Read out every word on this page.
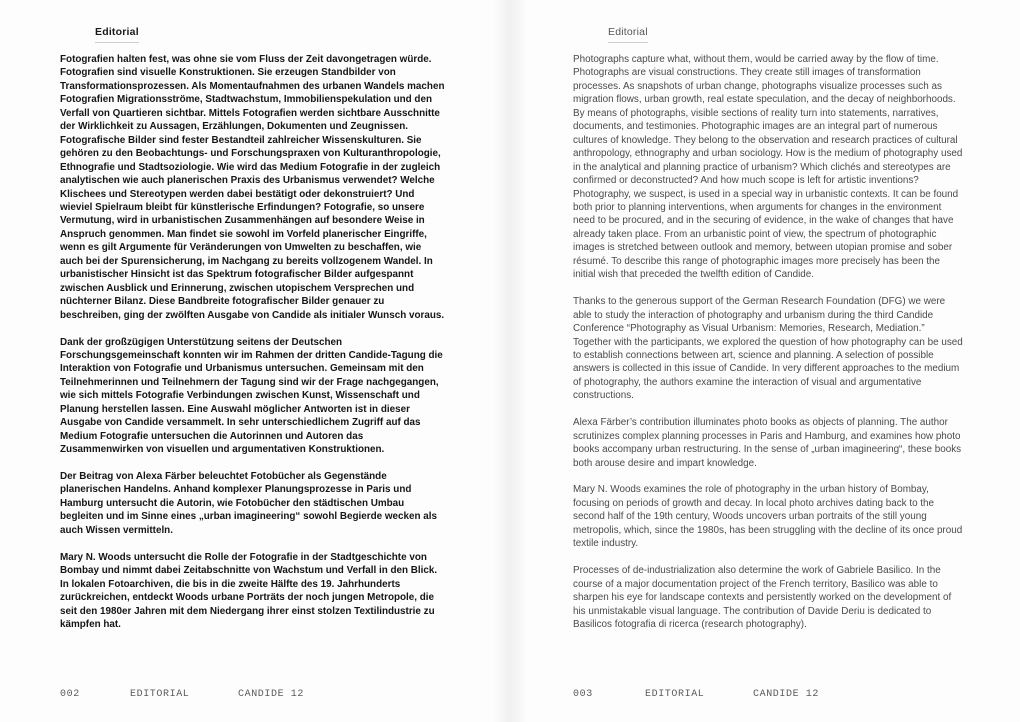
Editorial

Fotografien halten fest, was ohne sie vom Fluss der Zeit davongetragen würde. Fotografien sind visuelle Konstruktionen. Sie erzeugen Standbilder von Transformationsprozessen. Als Momentaufnahmen des urbanen Wandels machen Fotografien Migrationsströme, Stadtwachstum, Immobilienspekulation und den Verfall von Quartieren sichtbar. Mittels Fotografien werden sichtbare Ausschnitte der Wirklichkeit zu Aussagen, Erzählungen, Dokumenten und Zeugnissen. Fotografische Bilder sind fester Bestandteil zahlreicher Wissenskulturen. Sie gehören zu den Beobachtungs- und Forschungspraxen von Kulturanthropologie, Ethnografie und Stadtsoziologie. Wie wird das Medium Fotografie in der zugleich analytischen wie auch planerischen Praxis des Urbanismus verwendet? Welche Klischees und Stereotypen werden dabei bestätigt oder dekonstruiert? Und wieviel Spielraum bleibt für künstlerische Erfindungen? Fotografie, so unsere Vermutung, wird in urbanistischen Zusammenhängen auf besondere Weise in Anspruch genommen. Man findet sie sowohl im Vorfeld planerischer Eingriffe, wenn es gilt Argumente für Veränderungen von Umwelten zu beschaffen, wie auch bei der Spurensicherung, im Nachgang zu bereits vollzogenem Wandel. In urbanistischer Hinsicht ist das Spektrum fotografischer Bilder aufgespannt zwischen Ausblick und Erinnerung, zwischen utopischem Versprechen und nüchterner Bilanz. Diese Bandbreite fotografischer Bilder genauer zu beschreiben, ging der zwölften Ausgabe von Candide als initialer Wunsch voraus.

Dank der großzügigen Unterstützung seitens der Deutschen Forschungsgemeinschaft konnten wir im Rahmen der dritten Candide-Tagung die Interaktion von Fotografie und Urbanismus untersuchen. Gemeinsam mit den Teilnehmerinnen und Teilnehmern der Tagung sind wir der Frage nachgegangen, wie sich mittels Fotografie Verbindungen zwischen Kunst, Wissenschaft und Planung herstellen lassen. Eine Auswahl möglicher Antworten ist in dieser Ausgabe von Candide versammelt. In sehr unterschiedlichem Zugriff auf das Medium Fotografie untersuchen die Autorinnen und Autoren das Zusammenwirken von visuellen und argumentativen Konstruktionen.

Der Beitrag von Alexa Färber beleuchtet Fotobücher als Gegenstände planerischen Handelns. Anhand komplexer Planungsprozesse in Paris und Hamburg untersucht die Autorin, wie Fotobücher den städtischen Umbau begleiten und im Sinne eines „urban imagineering“ sowohl Begierde wecken als auch Wissen vermitteln.

Mary N. Woods untersucht die Rolle der Fotografie in der Stadtgeschichte von Bombay und nimmt dabei Zeitabschnitte von Wachstum und Verfall in den Blick. In lokalen Fotoarchiven, die bis in die zweite Hälfte des 19. Jahrhunderts zurückreichen, entdeckt Woods urbane Porträts der noch jungen Metropole, die seit den 1980er Jahren mit dem Niedergang ihrer einst stolzen Textilindustrie zu kämpfen hat.

002	EDITORIAL	CANDIDE 12
Editorial

Photographs capture what, without them, would be carried away by the flow of time. Photographs are visual constructions. They create still images of transformation processes. As snapshots of urban change, photographs visualize processes such as migration flows, urban growth, real estate speculation, and the decay of neighborhoods. By means of photographs, visible sections of reality turn into statements, narratives, documents, and testimonies. Photographic images are an integral part of numerous cultures of knowledge. They belong to the observation and research practices of cultural anthropology, ethnography and urban sociology. How is the medium of photography used in the analytical and planning practice of urbanism? Which clichés and stereotypes are confirmed or deconstructed? And how much scope is left for artistic inventions? Photography, we suspect, is used in a special way in urbanistic contexts. It can be found both prior to planning interventions, when arguments for changes in the environment need to be procured, and in the securing of evidence, in the wake of changes that have already taken place. From an urbanistic point of view, the spectrum of photographic images is stretched between outlook and memory, between utopian promise and sober résumé. To describe this range of photographic images more precisely has been the initial wish that preceded the twelfth edition of Candide.

Thanks to the generous support of the German Research Foundation (DFG) we were able to study the interaction of photography and urbanism during the third Candide Conference “Photography as Visual Urbanism: Memories, Research, Mediation.” Together with the participants, we explored the question of how photography can be used to establish connections between art, science and planning. A selection of possible answers is collected in this issue of Candide. In very different approaches to the medium of photography, the authors examine the interaction of visual and argumentative constructions.

Alexa Färber’s contribution illuminates photo books as objects of planning. The author scrutinizes complex planning processes in Paris and Hamburg, and examines how photo books accompany urban restructuring. In the sense of „urban imagineering“, these books both arouse desire and impart knowledge.

Mary N. Woods examines the role of photography in the urban history of Bombay, focusing on periods of growth and decay. In local photo archives dating back to the second half of the 19th century, Woods uncovers urban portraits of the still young metropolis, which, since the 1980s, has been struggling with the decline of its once proud textile industry.

Processes of de-industrialization also determine the work of Gabriele Basilico. In the course of a major documentation project of the French territory, Basilico was able to sharpen his eye for landscape contexts and persistently worked on the development of his unmistakable visual language. The contribution of Davide Deriu is dedicated to Basilicos fotografia di ricerca (research photography).

003	EDITORIAL	CANDIDE 12
